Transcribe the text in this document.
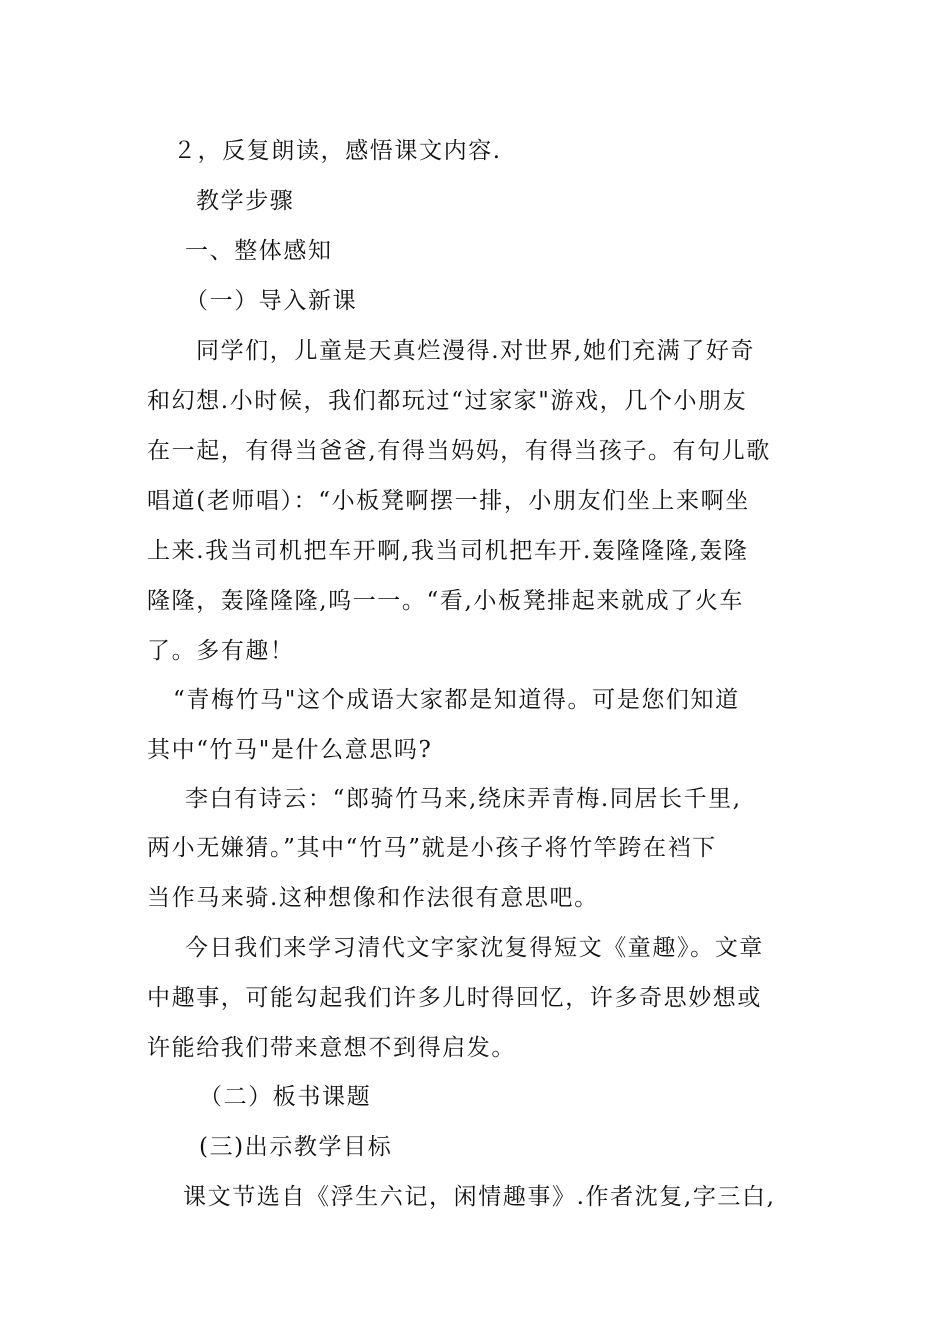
２，反复朗读，感悟课文内容.
教学步骤
一、整体感知
（一）导入新课
同学们，儿童是天真烂漫得.对世界,她们充满了好奇
和幻想.小时候，我们都玩过“过家家"游戏，几个小朋友
在一起，有得当爸爸,有得当妈妈，有得当孩子。有句儿歌
唱道(老师唱）：“小板凳啊摆一排，小朋友们坐上来啊坐
上来.我当司机把车开啊,我当司机把车开.轰隆隆隆,轰隆
隆隆，轰隆隆隆,呜一一。“看,小板凳排起来就成了火车
了。多有趣！
“青梅竹马"这个成语大家都是知道得。可是您们知道
其中“竹马"是什么意思吗?
李白有诗云：“郎骑竹马来,绕床弄青梅.同居长千里,
两小无嫌猜。”其中“竹马”就是小孩子将竹竿跨在裆下
当作马来骑.这种想像和作法很有意思吧。
今日我们来学习清代文字家沈复得短文《童趣》。文章
中趣事，可能勾起我们许多儿时得回忆，许多奇思妙想或
许能给我们带来意想不到得启发。
（二）板书课题
(三)出示教学目标
课文节选自《浮生六记，闲情趣事》.作者沈复,字三白,
